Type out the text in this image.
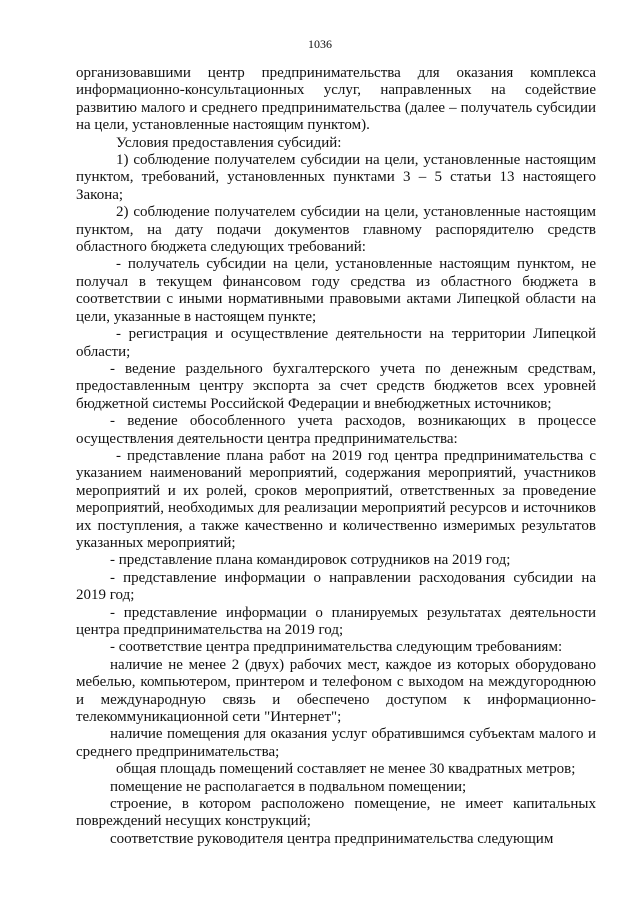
1036

организовавшими центр предпринимательства для оказания комплекса информационно-консультационных услуг, направленных на содействие развитию малого и среднего предпринимательства (далее – получатель субсидии на цели, установленные настоящим пунктом).

Условия предоставления субсидий:

1) соблюдение получателем субсидии на цели, установленные настоящим пунктом, требований, установленных пунктами 3 – 5 статьи 13 настоящего Закона;

2) соблюдение получателем субсидии на цели, установленные настоящим пунктом, на дату подачи документов главному распорядителю средств областного бюджета следующих требований:

- получатель субсидии на цели, установленные настоящим пунктом, не получал в текущем финансовом году средства из областного бюджета в соответствии с иными нормативными правовыми актами Липецкой области на цели, указанные в настоящем пункте;

- регистрация и осуществление деятельности на территории Липецкой области;

- ведение раздельного бухгалтерского учета по денежным средствам, предоставленным центру экспорта за счет средств бюджетов всех уровней бюджетной системы Российской Федерации и внебюджетных источников;

- ведение обособленного учета расходов, возникающих в процессе осуществления деятельности центра предпринимательства:

- представление плана работ на 2019 год центра предпринимательства с указанием наименований мероприятий, содержания мероприятий, участников мероприятий и их ролей, сроков мероприятий, ответственных за проведение мероприятий, необходимых для реализации мероприятий ресурсов и источников их поступления, а также качественно и количественно измеримых результатов указанных мероприятий;

- представление плана командировок сотрудников на 2019 год;

- представление информации о направлении расходования субсидии на 2019 год;

- представление информации о планируемых результатах деятельности центра предпринимательства на 2019 год;

- соответствие центра предпринимательства следующим требованиям:

наличие не менее 2 (двух) рабочих мест, каждое из которых оборудовано мебелью, компьютером, принтером и телефоном с выходом на междугороднюю и международную связь и обеспечено доступом к информационно-телекоммуникационной сети "Интернет";

наличие помещения для оказания услуг обратившимся субъектам малого и среднего предпринимательства;

общая площадь помещений составляет не менее 30 квадратных метров;

помещение не располагается в подвальном помещении;

строение, в котором расположено помещение, не имеет капитальных повреждений несущих конструкций;

соответствие руководителя центра предпринимательства следующим
